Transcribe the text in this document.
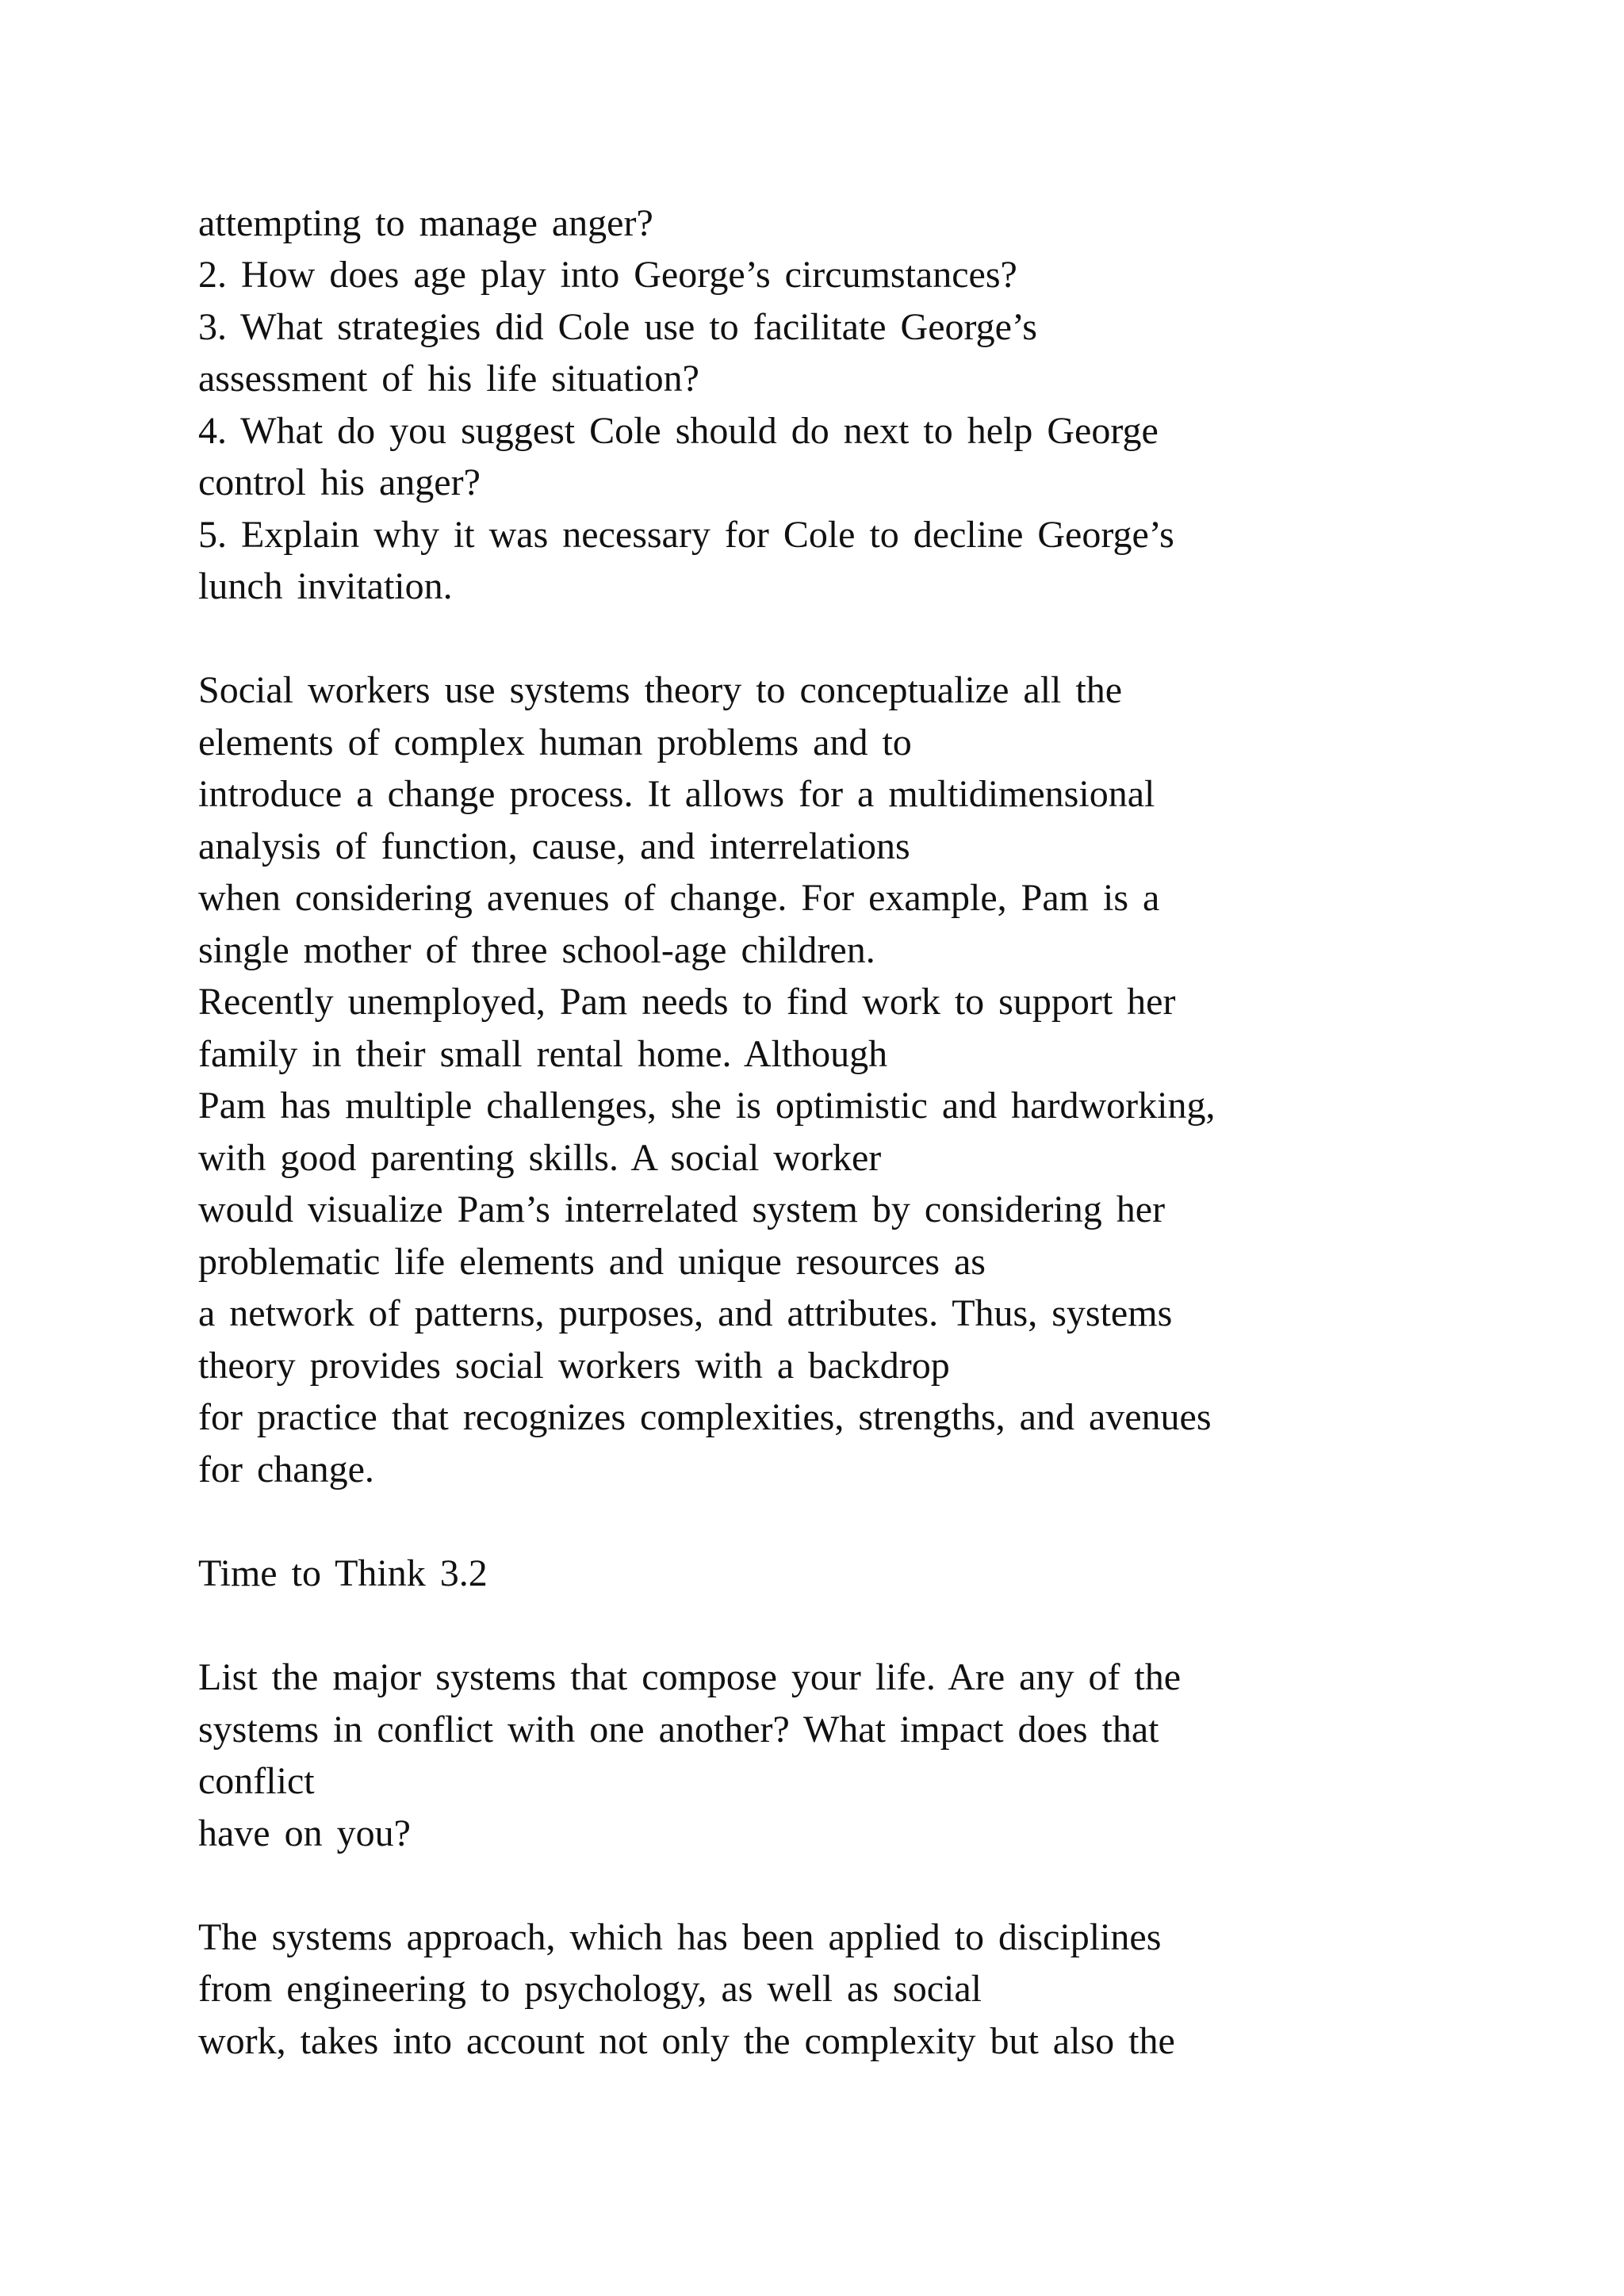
attempting to manage anger?
2. How does age play into George’s circumstances?
3. What strategies did Cole use to facilitate George’s
assessment of his life situation?
4. What do you suggest Cole should do next to help George
control his anger?
5. Explain why it was necessary for Cole to decline George’s
lunch invitation.
Social workers use systems theory to conceptualize all the
elements of complex human problems and to
introduce a change process. It allows for a multidimensional
analysis of function, cause, and interrelations
when considering avenues of change. For example, Pam is a
single mother of three school-age children.
Recently unemployed, Pam needs to find work to support her
family in their small rental home. Although
Pam has multiple challenges, she is optimistic and hardworking,
with good parenting skills. A social worker
would visualize Pam’s interrelated system by considering her
problematic life elements and unique resources as
a network of patterns, purposes, and attributes. Thus, systems
theory provides social workers with a backdrop
for practice that recognizes complexities, strengths, and avenues
for change.
Time to Think 3.2
List the major systems that compose your life. Are any of the
systems in conflict with one another? What impact does that
conflict
have on you?
The systems approach, which has been applied to disciplines
from engineering to psychology, as well as social
work, takes into account not only the complexity but also the
